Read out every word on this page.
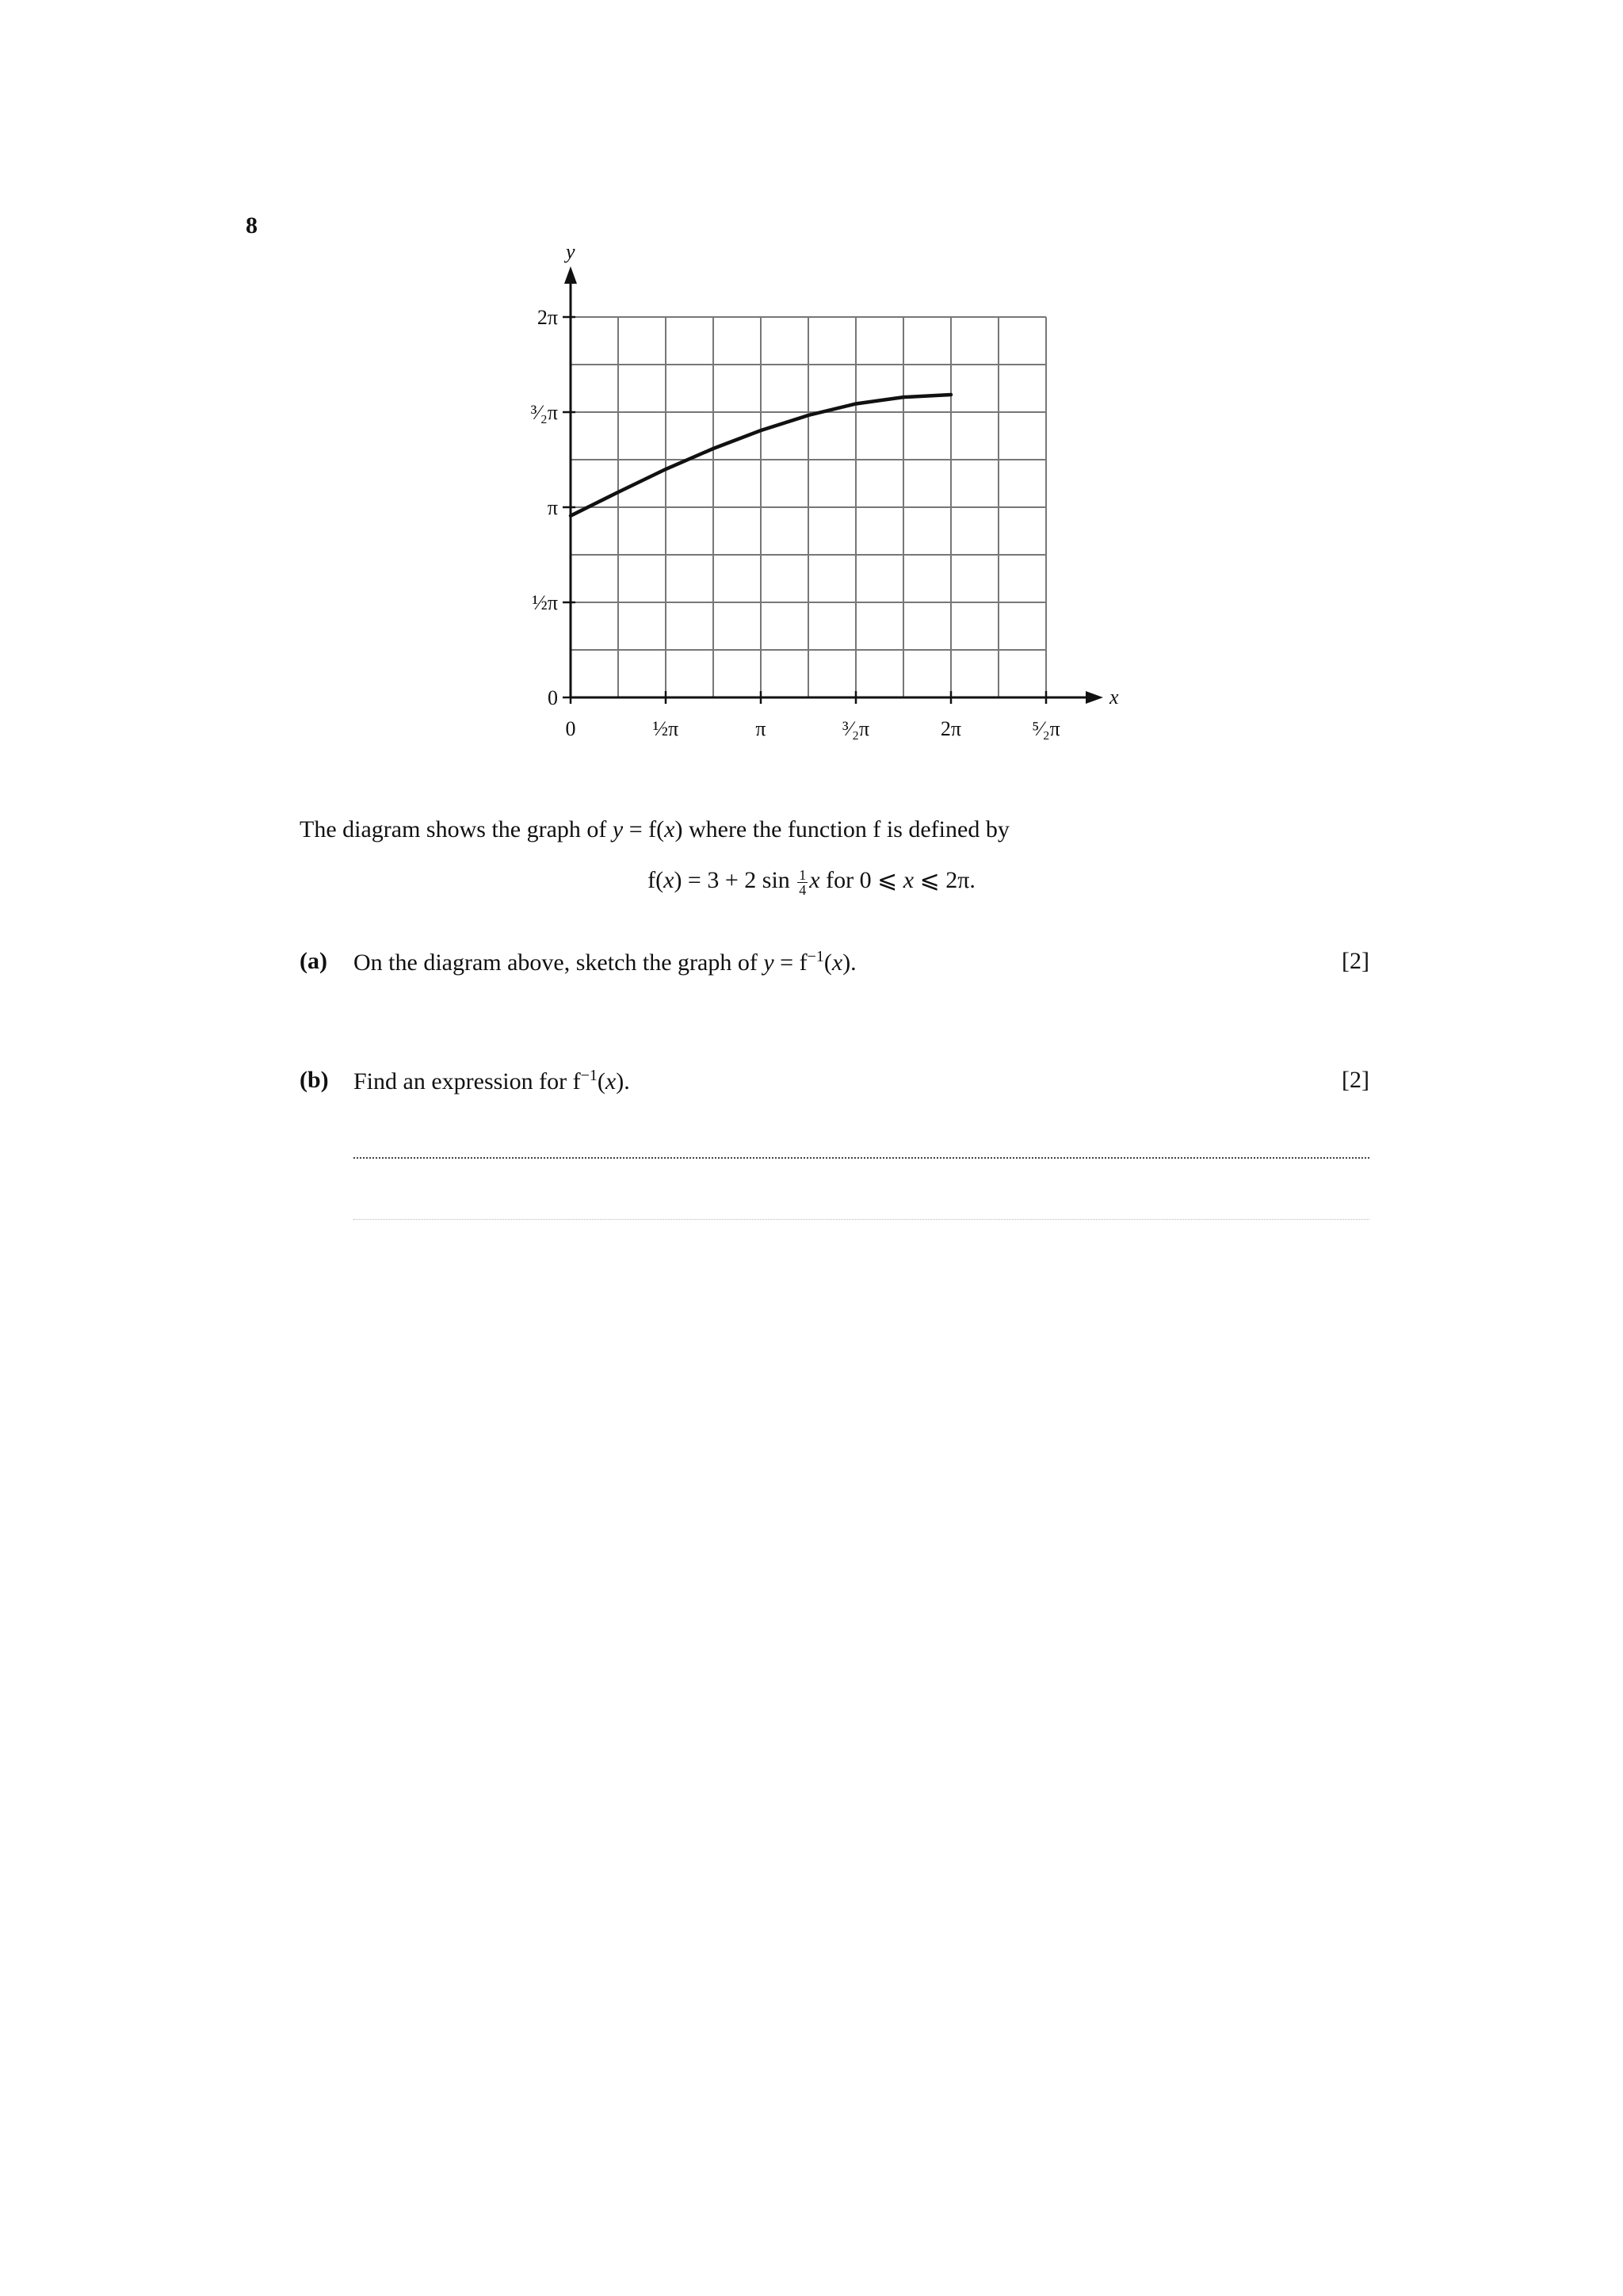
8
x
y
0	½π	π	³⁄₂π	2π	⁵⁄₂π
0
½π
π
³⁄₂π
2π
The diagram shows the graph of y = f(x) where the function f is defined by
f(x) = 3 + 2 $\sin \frac{1}{4}$ x for 0 ⩽ x ⩽ 2π.
(a) On the diagram above, sketch the graph of $y = f^{-1}(x)$.	[2]
(b) Find an expression for $f^{-1}(x)$.	[2]
